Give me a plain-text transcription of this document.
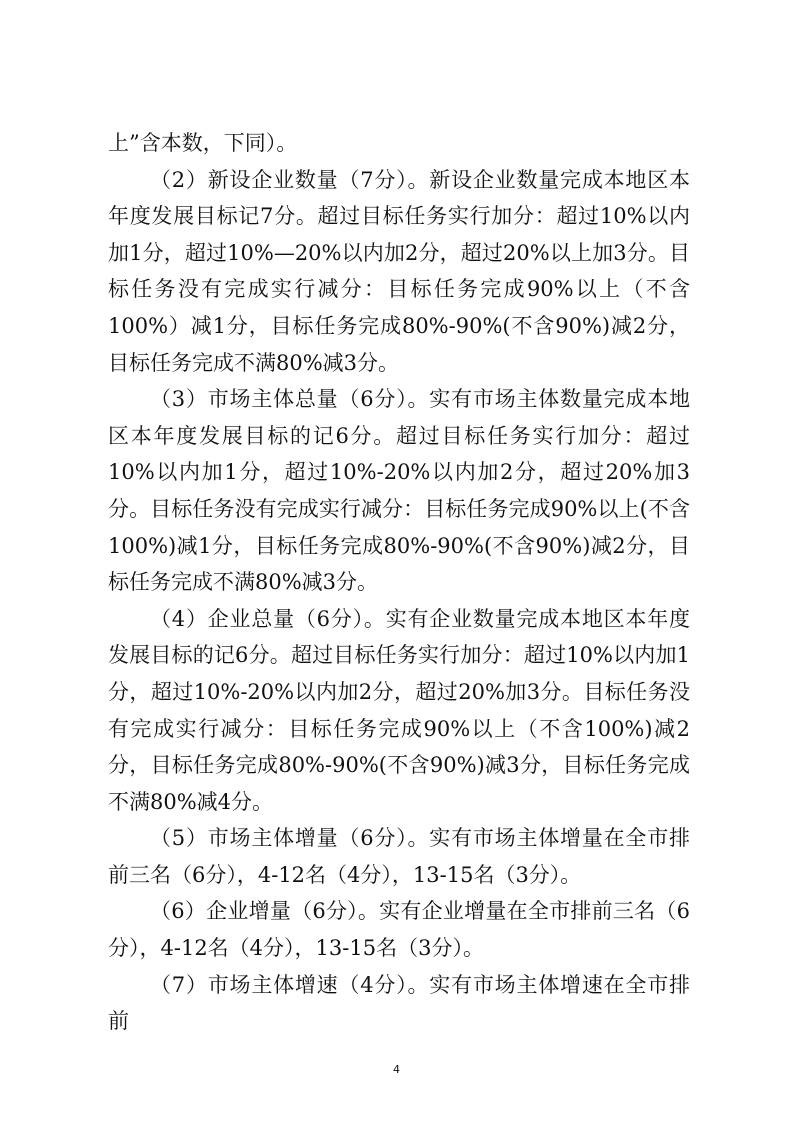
上”含本数，下同）。

（2）新设企业数量（7分）。新设企业数量完成本地区本年度发展目标记7分。超过目标任务实行加分：超过10%以内加1分，超过10%—20%以内加2分，超过20%以上加3分。目标任务没有完成实行减分：目标任务完成90%以上（不含100%）减1分，目标任务完成80%-90%(不含90%)减2分，目标任务完成不满80%减3分。

（3）市场主体总量（6分）。实有市场主体数量完成本地区本年度发展目标的记6分。超过目标任务实行加分：超过10%以内加1分，超过10%-20%以内加2分，超过20%加3分。目标任务没有完成实行减分：目标任务完成90%以上(不含100%)减1分，目标任务完成80%-90%(不含90%)减2分，目标任务完成不满80%减3分。

（4）企业总量（6分）。实有企业数量完成本地区本年度发展目标的记6分。超过目标任务实行加分：超过10%以内加1分，超过10%-20%以内加2分，超过20%加3分。目标任务没有完成实行减分：目标任务完成90%以上（不含100%)减2分，目标任务完成80%-90%(不含90%)减3分，目标任务完成不满80%减4分。

（5）市场主体增量（6分）。实有市场主体增量在全市排前三名（6分），4-12名（4分），13-15名（3分）。

（6）企业增量（6分）。实有企业增量在全市排前三名（6分），4-12名（4分），13-15名（3分）。

（7）市场主体增速（4分）。实有市场主体增速在全市排前

4
